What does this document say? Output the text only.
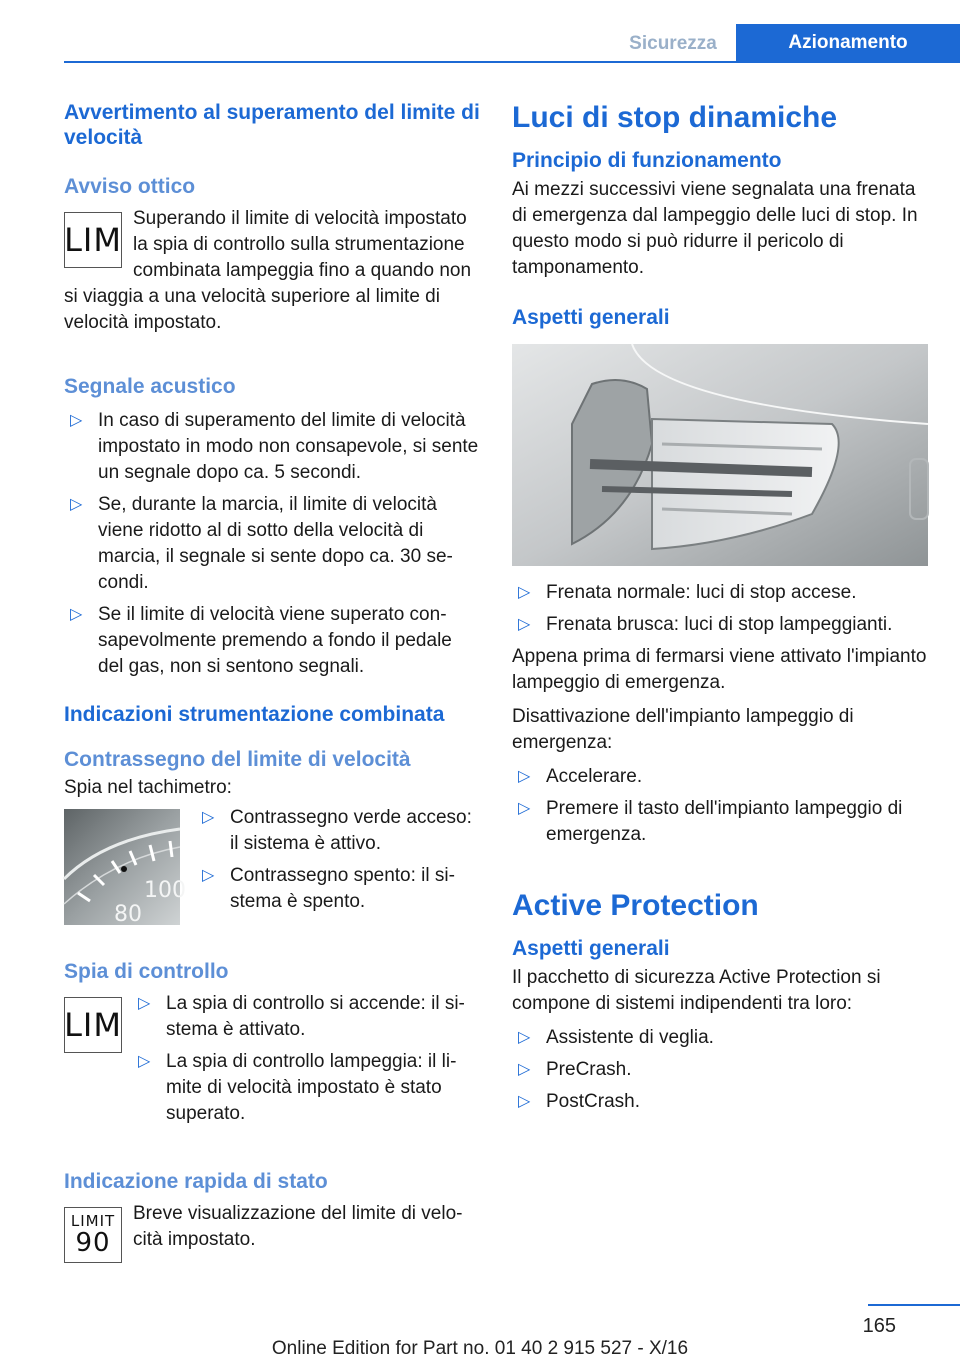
Sicurezza	Azionamento
Avvertimento al superamento del limite di velocità
Avviso ottico
LIM

Superando il limite di velocità impostato la spia di controllo sulla strumentazione combinata lampeggia fino a quando non si viaggia a una velocità superiore al limite di velocità impostato.

Segnale acustico
▷ In caso di superamento del limite di velocità impostato in modo non consapevole, si sente un segnale dopo ca. 5 secondi.
▷ Se, durante la marcia, il limite di velocità viene ridotto al di sotto della velocità di marcia, il segnale si sente dopo ca. 30 secondi.
▷ Se il limite di velocità viene superato consapevolmente premendo a fondo il pedale del gas, non si sentono segnali.
Indicazioni strumentazione combinata
Contrassegno del limite di velocità

Spia nel tachimetro:

100
80
▷ Contrassegno verde acceso: il sistema è attivo.
▷ Contrassegno spento: il sistema è spento.
Spia di controllo
LIM
▷ La spia di controllo si accende: il sistema è attivato.
▷ La spia di controllo lampeggia: il limite di velocità impostato è stato superato.
Indicazione rapida di stato
LIMIT
90

Breve visualizzazione del limite di velocità impostato.

Luci di stop dinamiche
Principio di funzionamento

Ai mezzi successivi viene segnalata una frenata di emergenza dal lampeggio delle luci di stop. In questo modo si può ridurre il pericolo di tamponamento.

Aspetti generali
▷ Frenata normale: luci di stop accese.
▷ Frenata brusca: luci di stop lampeggianti.

Appena prima di fermarsi viene attivato l'impianto lampeggio di emergenza.

Disattivazione dell'impianto lampeggio di emergenza:

▷ Accelerare.
▷ Premere il tasto dell'impianto lampeggio di emergenza.
Active Protection
Aspetti generali

Il pacchetto di sicurezza Active Protection si compone di sistemi indipendenti tra loro:

▷ Assistente di veglia.
▷ PreCrash.
▷ PostCrash.
165
Online Edition for Part no. 01 40 2 915 527 - X/16
